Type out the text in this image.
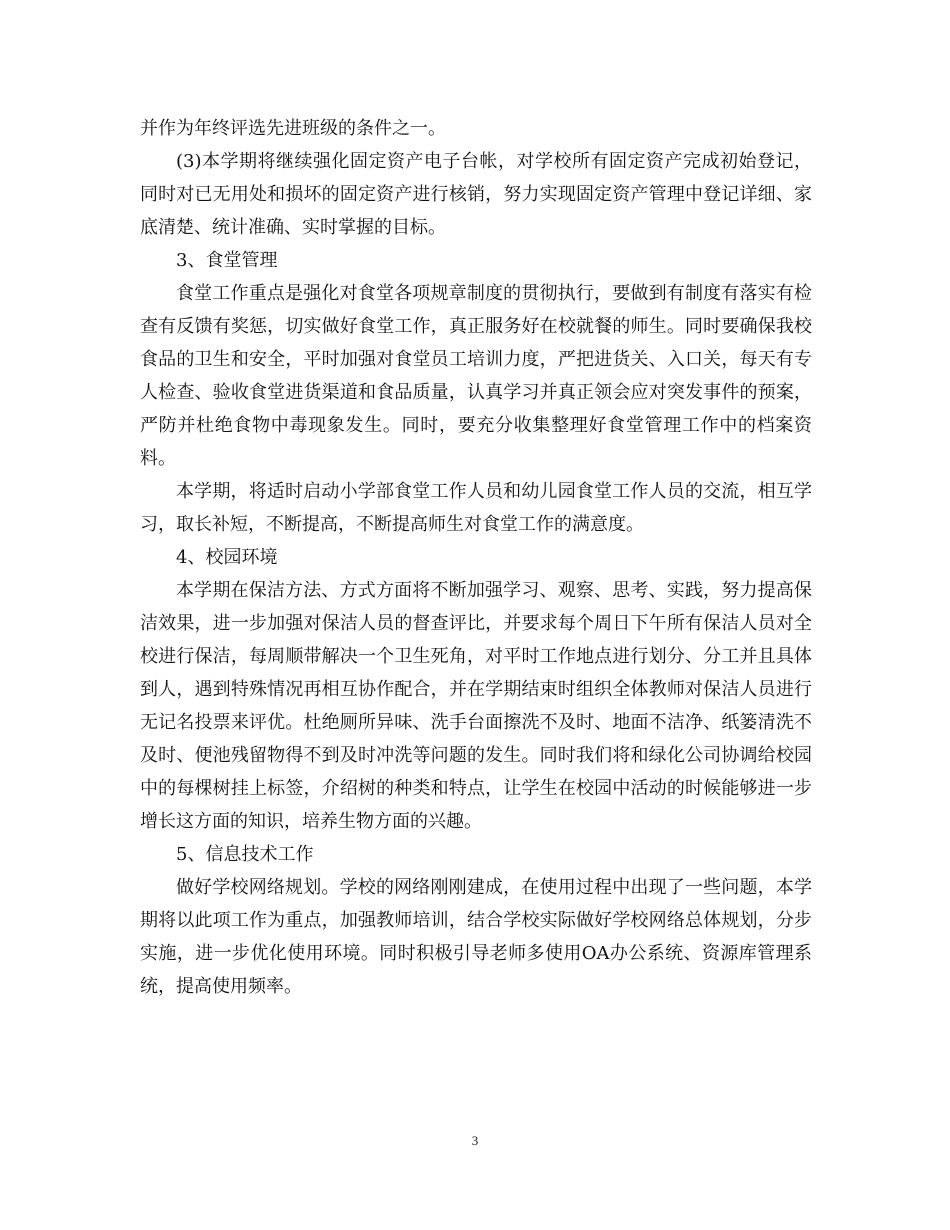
并作为年终评选先进班级的条件之一。

(3)本学期将继续强化固定资产电子台帐，对学校所有固定资产完成初始登记，同时对已无用处和损坏的固定资产进行核销，努力实现固定资产管理中登记详细、家底清楚、统计准确、实时掌握的目标。

3、食堂管理

食堂工作重点是强化对食堂各项规章制度的贯彻执行，要做到有制度有落实有检查有反馈有奖惩，切实做好食堂工作，真正服务好在校就餐的师生。同时要确保我校食品的卫生和安全，平时加强对食堂员工培训力度，严把进货关、入口关，每天有专人检查、验收食堂进货渠道和食品质量，认真学习并真正领会应对突发事件的预案，严防并杜绝食物中毒现象发生。同时，要充分收集整理好食堂管理工作中的档案资料。

本学期，将适时启动小学部食堂工作人员和幼儿园食堂工作人员的交流，相互学习，取长补短，不断提高，不断提高师生对食堂工作的满意度。

4、校园环境

本学期在保洁方法、方式方面将不断加强学习、观察、思考、实践，努力提高保洁效果，进一步加强对保洁人员的督查评比，并要求每个周日下午所有保洁人员对全校进行保洁，每周顺带解决一个卫生死角，对平时工作地点进行划分、分工并且具体到人，遇到特殊情况再相互协作配合，并在学期结束时组织全体教师对保洁人员进行无记名投票来评优。杜绝厕所异味、洗手台面擦洗不及时、地面不洁净、纸篓清洗不及时、便池残留物得不到及时冲洗等问题的发生。同时我们将和绿化公司协调给校园中的每棵树挂上标签，介绍树的种类和特点，让学生在校园中活动的时候能够进一步增长这方面的知识，培养生物方面的兴趣。

5、信息技术工作

做好学校网络规划。学校的网络刚刚建成，在使用过程中出现了一些问题，本学期将以此项工作为重点，加强教师培训，结合学校实际做好学校网络总体规划，分步实施，进一步优化使用环境。同时积极引导老师多使用OA办公系统、资源库管理系统，提高使用频率。

3
